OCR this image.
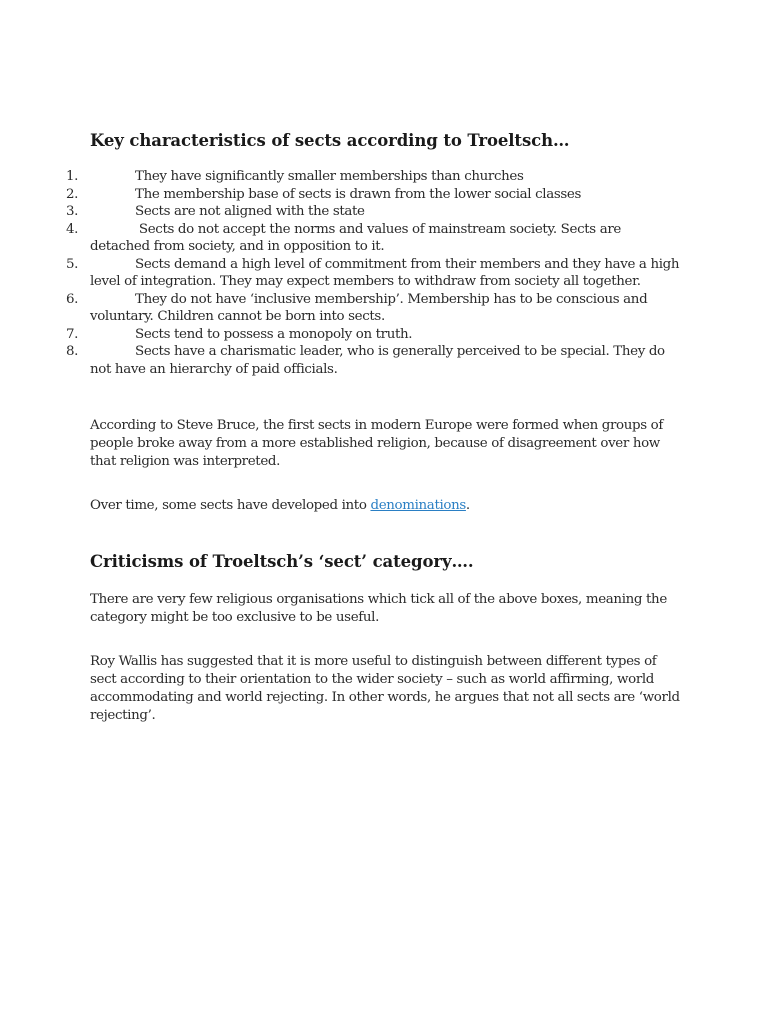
Key characteristics of sects according to Troeltsch…
1.	They have significantly smaller memberships than churches
2.	The membership base of sects is drawn from the lower social classes
3.	Sects are not aligned with the state
4.	Sects do not accept the norms and values of mainstream society. Sects are detached from society, and in opposition to it.
5.	Sects demand a high level of commitment from their members and they have a high level of integration. They may expect members to withdraw from society all together.
6.	They do not have ‘inclusive membership’. Membership has to be conscious and voluntary. Children cannot be born into sects.
7.	Sects tend to possess a monopoly on truth.
8.	Sects have a charismatic leader, who is generally perceived to be special. They do not have an hierarchy of paid officials.

According to Steve Bruce, the first sects in modern Europe were formed when groups of people broke away from a more established religion, because of disagreement over how that religion was interpreted.

Over time, some sects have developed into denominations.

Criticisms of Troeltsch’s ‘sect’ category….

There are very few religious organisations which tick all of the above boxes, meaning the category might be too exclusive to be useful.

Roy Wallis has suggested that it is more useful to distinguish between different types of sect according to their orientation to the wider society – such as world affirming, world accommodating and world rejecting. In other words, he argues that not all sects are ‘world rejecting’.
